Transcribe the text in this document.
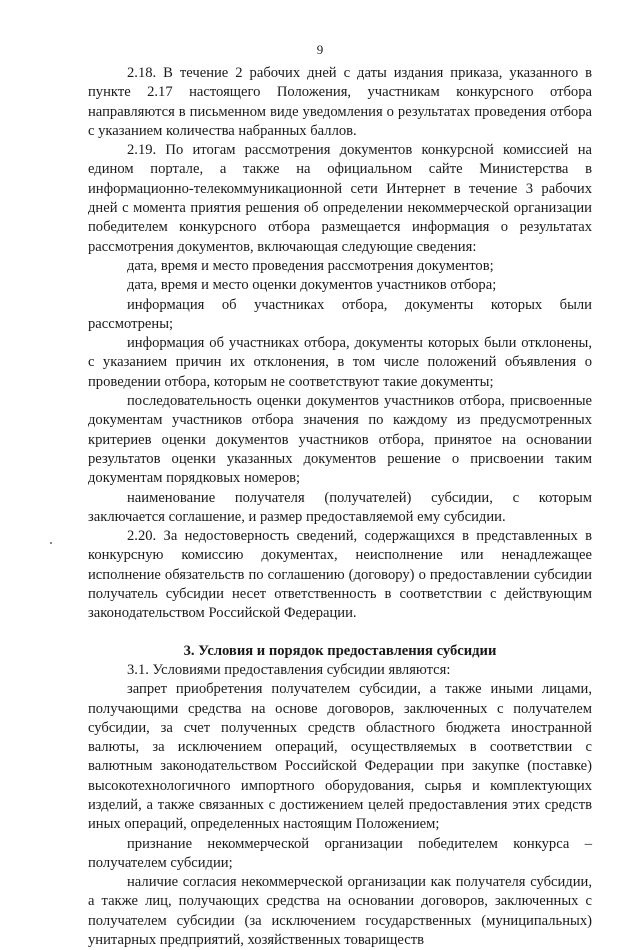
9

2.18. В течение 2 рабочих дней с даты издания приказа, указанного в пункте 2.17 настоящего Положения, участникам конкурсного отбора направляются в письменном виде уведомления о результатах проведения отбора с указанием количества набранных баллов.

2.19. По итогам рассмотрения документов конкурсной комиссией на едином портале, а также на официальном сайте Министерства в информационно-телекоммуникационной сети Интернет в течение 3 рабочих дней с момента приятия решения об определении некоммерческой организации победителем конкурсного отбора размещается информация о результатах рассмотрения документов, включающая следующие сведения:

дата, время и место проведения рассмотрения документов;

дата, время и место оценки документов участников отбора;

информация об участниках отбора, документы которых были рассмотрены;

информация об участниках отбора, документы которых были отклонены, с указанием причин их отклонения, в том числе положений объявления о проведении отбора, которым не соответствуют такие документы;

последовательность оценки документов участников отбора, присвоенные документам участников отбора значения по каждому из предусмотренных критериев оценки документов участников отбора, принятое на основании результатов оценки указанных документов решение о присвоении таким документам порядковых номеров;

наименование получателя (получателей) субсидии, с которым заключается соглашение, и размер предоставляемой ему субсидии.

2.20. За недостоверность сведений, содержащихся в представленных в конкурсную комиссию документах, неисполнение или ненадлежащее исполнение обязательств по соглашению (договору) о предоставлении субсидии получатель субсидии несет ответственность в соответствии с действующим законодательством Российской Федерации.

3. Условия и порядок предоставления субсидии

3.1. Условиями предоставления субсидии являются:

запрет приобретения получателем субсидии, а также иными лицами, получающими средства на основе договоров, заключенных с получателем субсидии, за счет полученных средств областного бюджета иностранной валюты, за исключением операций, осуществляемых в соответствии с валютным законодательством Российской Федерации при закупке (поставке) высокотехнологичного импортного оборудования, сырья и комплектующих изделий, а также связанных с достижением целей предоставления этих средств иных операций, определенных настоящим Положением;

признание некоммерческой организации победителем конкурса – получателем субсидии;

наличие согласия некоммерческой организации как получателя субсидии, а также лиц, получающих средства на основании договоров, заключенных с получателем субсидии (за исключением государственных (муниципальных) унитарных предприятий, хозяйственных товариществ
